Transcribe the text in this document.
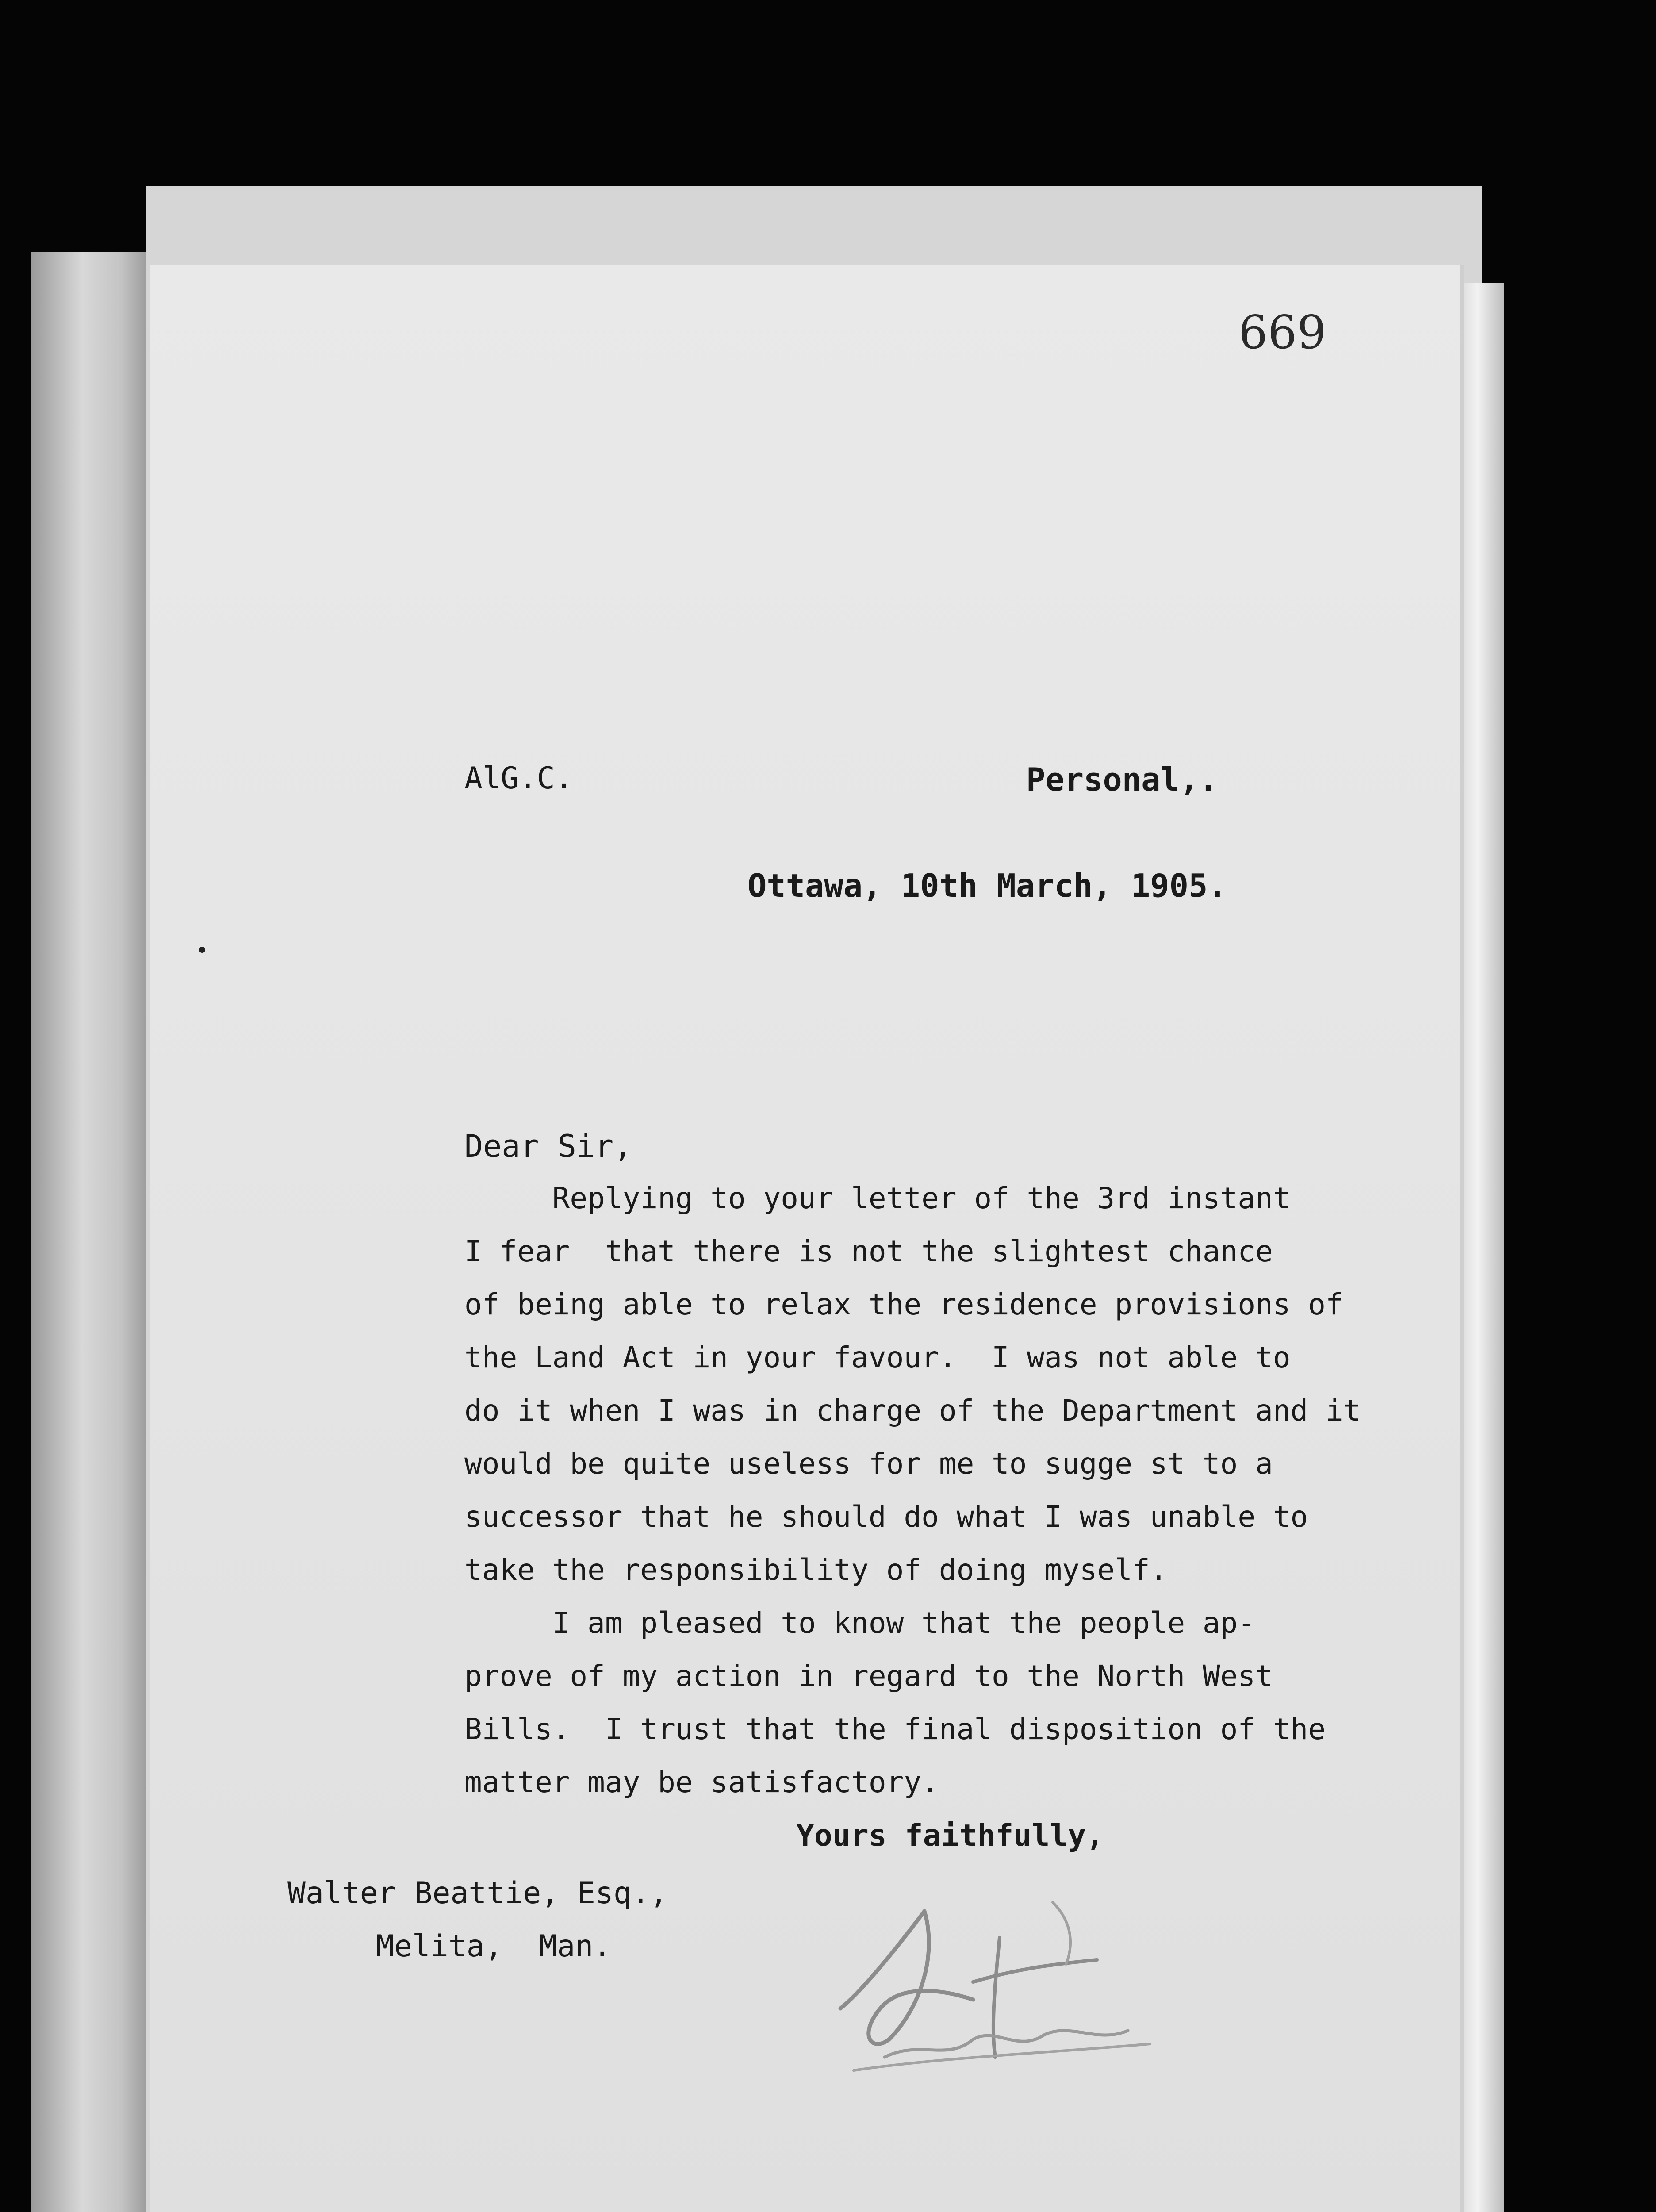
669
AlG.C.	Personal,.
Ottawa, 10th March, 1905.
Dear Sir,
Replying to your letter of the 3rd instant
I fear  that there is not the slightest chance
of being able to relax the residence provisions of
the Land Act in your favour.  I was not able to
do it when I was in charge of the Department and it
would be quite useless for me to sugge st to a
successor that he should do what I was unable to
take the responsibility of doing myself.
I am pleased to know that the people ap-
prove of my action in regard to the North West
Bills.  I trust that the final disposition of the
matter may be satisfactory.
Yours faithfully,
Walter Beattie, Esq.,
Melita,  Man.
